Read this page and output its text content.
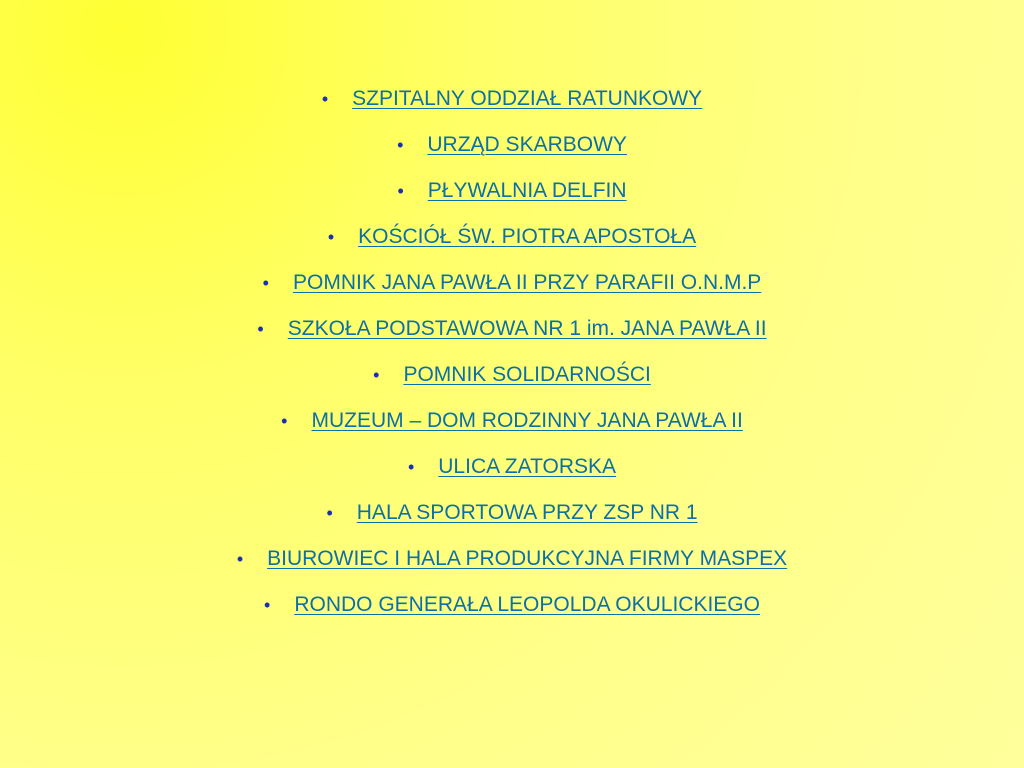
• SZPITALNY ODDZIAŁ RATUNKOWY
• URZĄD SKARBOWY
• PŁYWALNIA DELFIN
• KOŚCIÓŁ ŚW. PIOTRA APOSTOŁA
• POMNIK JANA PAWŁA II PRZY PARAFII O.N.M.P
• SZKOŁA PODSTAWOWA NR 1 im. JANA PAWŁA II
• POMNIK SOLIDARNOŚCI
• MUZEUM – DOM RODZINNY JANA PAWŁA II
• ULICA ZATORSKA
• HALA SPORTOWA PRZY ZSP NR 1
• BIUROWIEC I HALA PRODUKCYJNA FIRMY MASPEX
• RONDO GENERAŁA LEOPOLDA OKULICKIEGO
